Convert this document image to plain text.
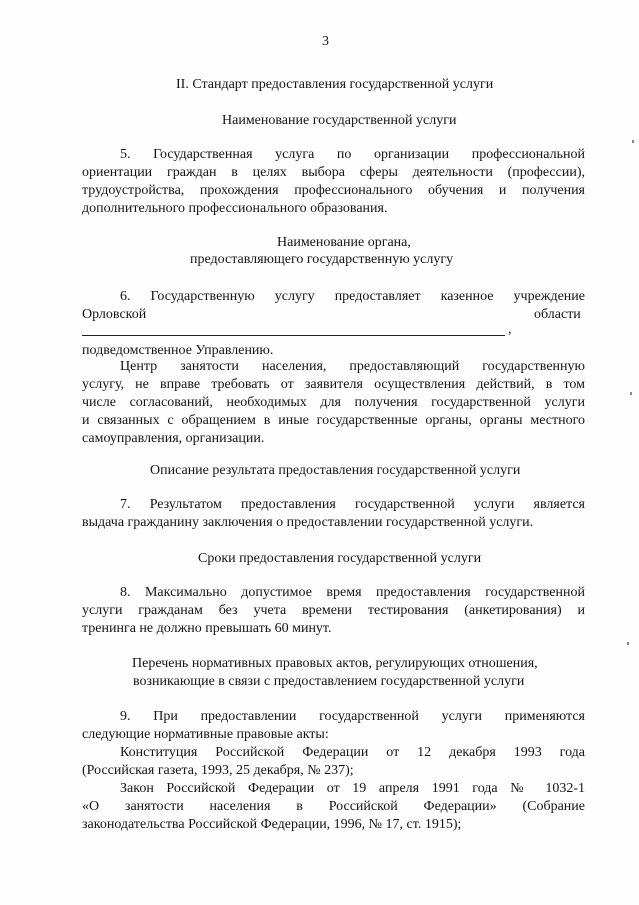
3
II. Стандарт предоставления государственной услуги
Наименование государственной услуги
5. Государственная услуга по организации профессиональной
ориентации граждан в целях выбора сферы деятельности (профессии),
трудоустройства, прохождения профессионального обучения и получения
дополнительного профессионального образования.
Наименование органа,
предоставляющего государственную услугу
6. Государственную услугу предоставляет казенное учреждение
Орловской	области
,
подведомственное Управлению.
Центр занятости населения, предоставляющий государственную
услугу, не вправе требовать от заявителя осуществления действий, в том
числе согласований, необходимых для получения государственной услуги
и связанных с обращением в иные государственные органы, органы местного
самоуправления, организации.
Описание результата предоставления государственной услуги
7. Результатом предоставления государственной услуги является
выдача гражданину заключения о предоставлении государственной услуги.
Сроки предоставления государственной услуги
8. Максимально допустимое время предоставления государственной
услуги гражданам без учета времени тестирования (анкетирования) и
тренинга не должно превышать 60 минут.
Перечень нормативных правовых актов, регулирующих отношения,
возникающие в связи с предоставлением государственной услуги
9. При предоставлении государственной услуги применяются
следующие нормативные правовые акты:
Конституция Российской Федерации от 12 декабря 1993 года
(Российская газета, 1993, 25 декабря, № 237);
Закон Российской Федерации от 19 апреля 1991 года № 1032-1
«О занятости населения в Российской Федерации» (Собрание
законодательства Российской Федерации, 1996, № 17, ст. 1915);
